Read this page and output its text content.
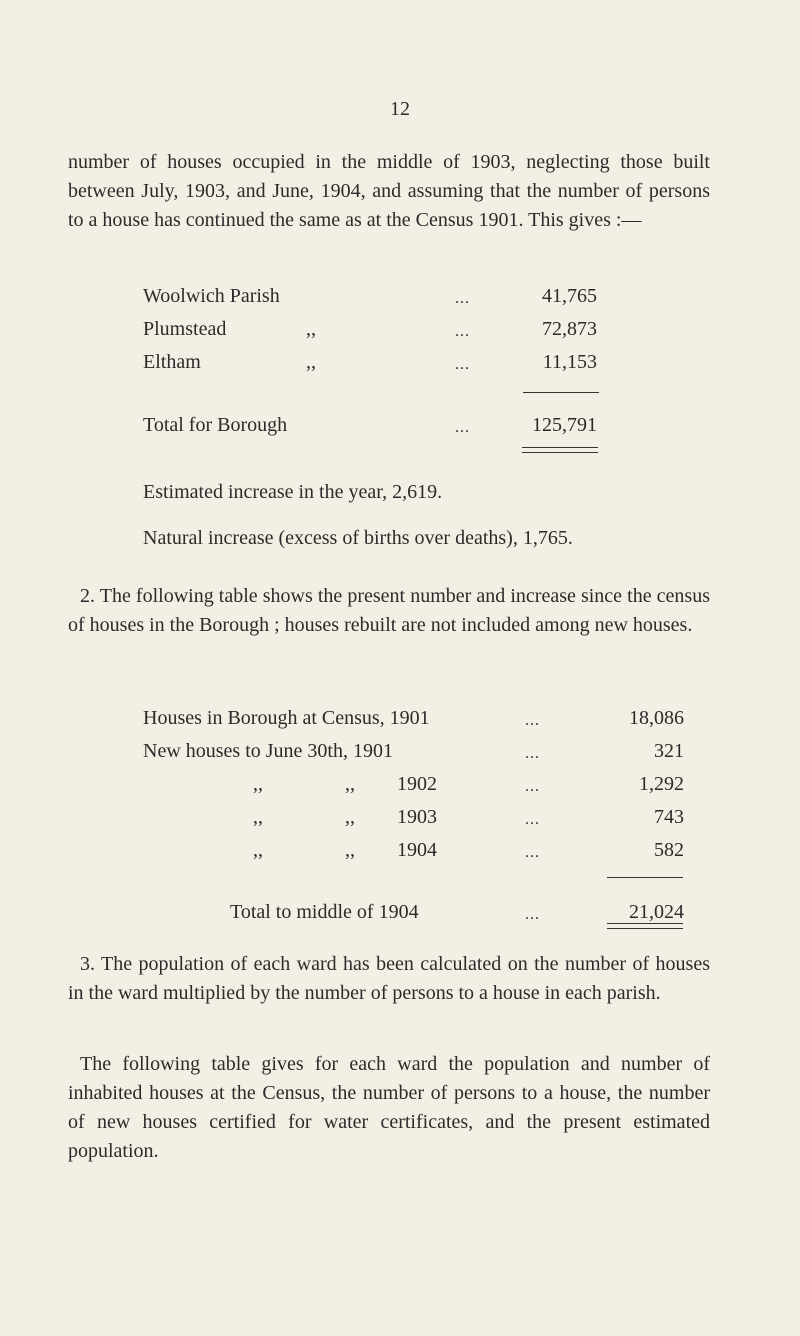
12

number of houses occupied in the middle of 1903, neglecting those built between July, 1903, and June, 1904, and assuming that the number of persons to a house has continued the same as at the Census 1901. This gives :—

Woolwich Parish	...	41,765
Plumstead	,,	...	72,873
Eltham	,,	...	11,153
Total for Borough	...	125,791
Estimated increase in the year, 2,619.
Natural increase (excess of births over deaths), 1,765.

2. The following table shows the present number and increase since the census of houses in the Borough ; houses rebuilt are not included among new houses.

Houses in Borough at Census, 1901	...	18,086
New houses to June 30th, 1901	...	321
,,	,, 1902	...	1,292
,,	,, 1903	...	743
,,	,, 1904	...	582
Total to middle of 1904	...	21,024

3. The population of each ward has been calculated on the number of houses in the ward multiplied by the number of persons to a house in each parish.

The following table gives for each ward the population and number of inhabited houses at the Census, the number of persons to a house, the number of new houses certified for water certificates, and the present estimated population.
